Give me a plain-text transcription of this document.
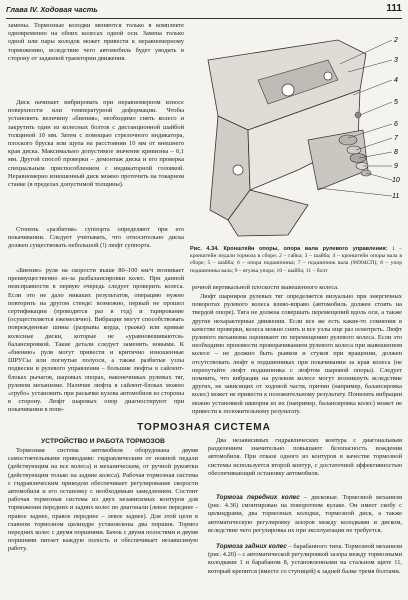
Глава IV. Ходовая часть	111

замены. Тормозные колодки меняются только в комплекте одновременно на обоих колесах одной оси. Замена только одной или пары колодок может привести к неравномерному торможению, вследствие чего автомобиль будет уводить в сторону от заданной траектории движения.

Диск начинает вибрировать при неравномерном износе поверхности или температурной деформации. Чтобы установить величину «биения», необходимо снять колесо и закрутить один из колесных болтов с дистанционной шайбой толщиной 10 мм. Затем с помощью стрелочного индикатора, плоского бруска или щупа на расстоянии 10 мм от внешнего края диска. Максимально допустимое значение кривизны – 0,1 мм. Другой способ проверки – демонтаж диска и его проверка специальным приспособлением с индикаторной головкой. Неравномерно изношенный диск можно проточить на токарном станке (в пределах допустимой толщины).

Степень «разбития» суппорта определяют при его покачивании. Следует учитывать, что относительно диска должен существовать небольшой (!) люфт суппорта.

«Биение» руля на скорости выше 80–100 км/ч возникает преимущественно из-за разбалансировки колес. При данной неисправности в первую очередь следует проверить колеса. Если это не дало никаких результатов, операцию нужно повторить на другом стенде: возможно, первый не прошел сертификации (проводится раз в год) и тарирование (осуществляется ежемесячно). Вибрации могут способствовать поврежденные шины (разрывы корда, грыжи) или кривые колесные диски, которые не «уравновешиваются» балансировкой. Такие детали следует заменить новыми. К «биению» руля могут привести и критично изношенные ШРУСы или погнутые полуоси, а также разбитые узлы подвески и рулевого управления – большие люфты в сайлент-блоках рычагов, шаровых опорах, наконечниках рулевых тяг, рулевом механизме. Наличие люфта в сайлент-блоках можно «грубо» установить при раскачке кузова автомобиля из стороны в сторону. Люфт шаровых опор диагностируют при покачивании в попе-

2
3
4
5
6
7
8
9
10
11
Рис. 4.34. Кронштейн опоры, опора вала рулевого управления: 1 – кронштейн педали тормоза в сборе; 2 – гайка; 3 – шайба; 4 – кронштейн опоры вала в сборе; 5 – шайба; 6 – опора подшипника; 7 – подшипник вала (96904СП); 8 – упор подшипника вала; 9 – втулка упора; 10 – шайба; 11 – болт

речной вертикальной плоскости вывешенного колеса.

Люфт шарниров рулевых тяг определяется визуально при энергичных поворотах рулевого колеса влево-вправо (автомобиль должен стоять на твердой опоре). Тяга не должна совершать перемещений вдоль оси, а также другие нехарактерные движения. Если все же есть какие-то сомнения в качестве проверки, колеса можно снять и все узлы еще раз осмотреть. Люфт рулевого механизма оценивают по перемещению рулевого колеса. Если это необходимо произвести проворачиванием рулевого колеса при вывешенном колесе – не должно быть рывков и стуков при вращении, должен отсутствовать люфт в подшипниках при покачивании за края колеса (не перепутайте люфт подшипника с люфтом шаровой опоры). Следует помнить, что вибрации на рулевом колесе могут возникнуть вследствие других, не зависящих от ходовой части, причин (например, балансировка колес) может не привести к положительному результату. Понизить вибрации можно установкой шкворня из их (например, балансировка колес) может не привести к положительному результату.

ТОРМОЗНАЯ СИСТЕМА
УСТРОЙСТВО И РАБОТА ТОРМОЗОВ

Тормозная система автомобиля оборудована двумя самостоятельными приводами: гидравлическим от ножной педали (действующим на все колеса) и механическим, от ручной рукоятки (действующим только на задние колеса). Рабочая тормозная система с гидравлическим приводом обеспечивает регулирование скорости автомобиля и его остановку с необходимым замедлением. Состоит рабочая тормозная система из двух независимых контуров для торможения передних и задних колес по диагонали (левое переднее – правое заднее, правое переднее – левое заднее). Для этой цели в главном тормозном цилиндре установлены два поршня. Тормоз передних колес с двумя поршнями. Бачок с двумя полостями и двумя поршнями питает каждую полость и обеспечивает независимую работу.

Два независимых гидравлических контура с диагональным разделением значительно повышают безопасность вождения автомобиля. При отказе одного из контуров в качестве тормозной системы используется второй контур, с достаточной эффективностью обеспечивающий остановку автомобиля.

Тормоза передних колес – дисковые. Тормозной механизм (рис. 4.36) смонтирован на поворотном кулаке. Он имеет скобу с цилиндрами, два тормозных колодки, тормозной диск, а также автоматическую регулировку зазоров между колодками и диском, вследствие чего регулировка их при эксплуатации не требуется.

Тормоза задних колес – барабанного типа. Тормозной механизм (рис. 4.20) – с автоматической регулировкой зазора между тормозными колодками 1 и барабаном 8, установленными на стальном щите 11, который крепится (вместе со ступицей) к задней балке тремя болтами.
